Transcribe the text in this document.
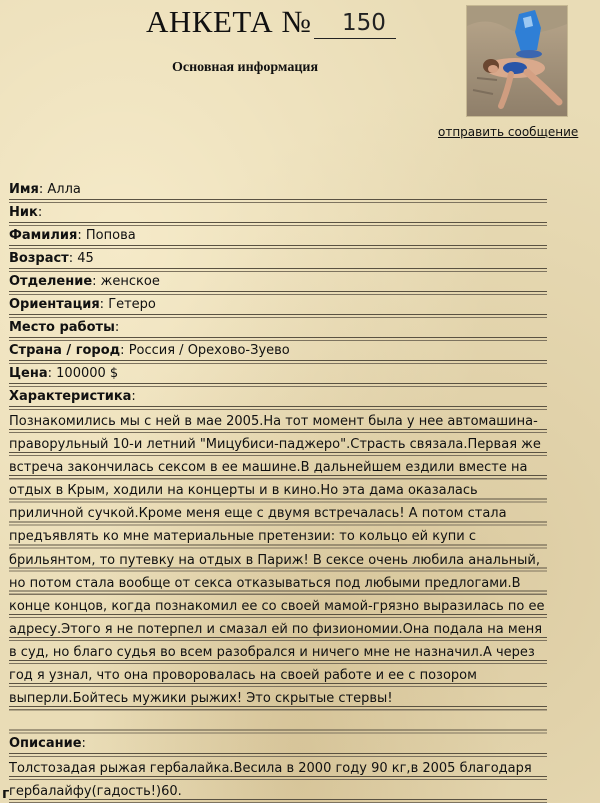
АНКЕТА № 150
Основная информация
отправить сообщение
Имя: Алла
Ник:
Фамилия: Попова
Возраст: 45
Отделение: женское
Ориентация: Гетеро
Место работы:
Страна / город: Россия / Орехово-Зуево
Цена: 100000 $
Характеристика:

Познакомились мы с ней в мае 2005.На тот момент была у нее автомашина-праворульный 10-и летний "Мицубиси-паджеро".Страсть связала.Первая же встреча закончилась сексом в ее машине.В дальнейшем ездили вместе на отдых в Крым, ходили на концерты и в кино.Но эта дама оказалась приличной сучкой.Кроме меня еще с двумя встречалась! А потом стала предъявлять ко мне материальные претензии: то кольцо ей купи с брильянтом, то путевку на отдых в Париж! В сексе очень любила анальный, но потом стала вообще от секса отказываться под любыми предлогами.В конце концов, когда познакомил ее со своей мамой-грязно выразилась по ее адресу.Этого я не потерпел и смазал ей по физиономии.Она подала на меня в суд, но благо судья во всем разобрался и ничего мне не назначил.А через год я узнал, что она проворовалась на своей работе и ее с позором выперли.Бойтесь мужики рыжих! Это скрытые стервы!

Описание:

Толстозадая рыжая гербалайка.Весила в 2000 году 90 кг,в 2005 благодаря гербалайфу(гадость!)60.

г
